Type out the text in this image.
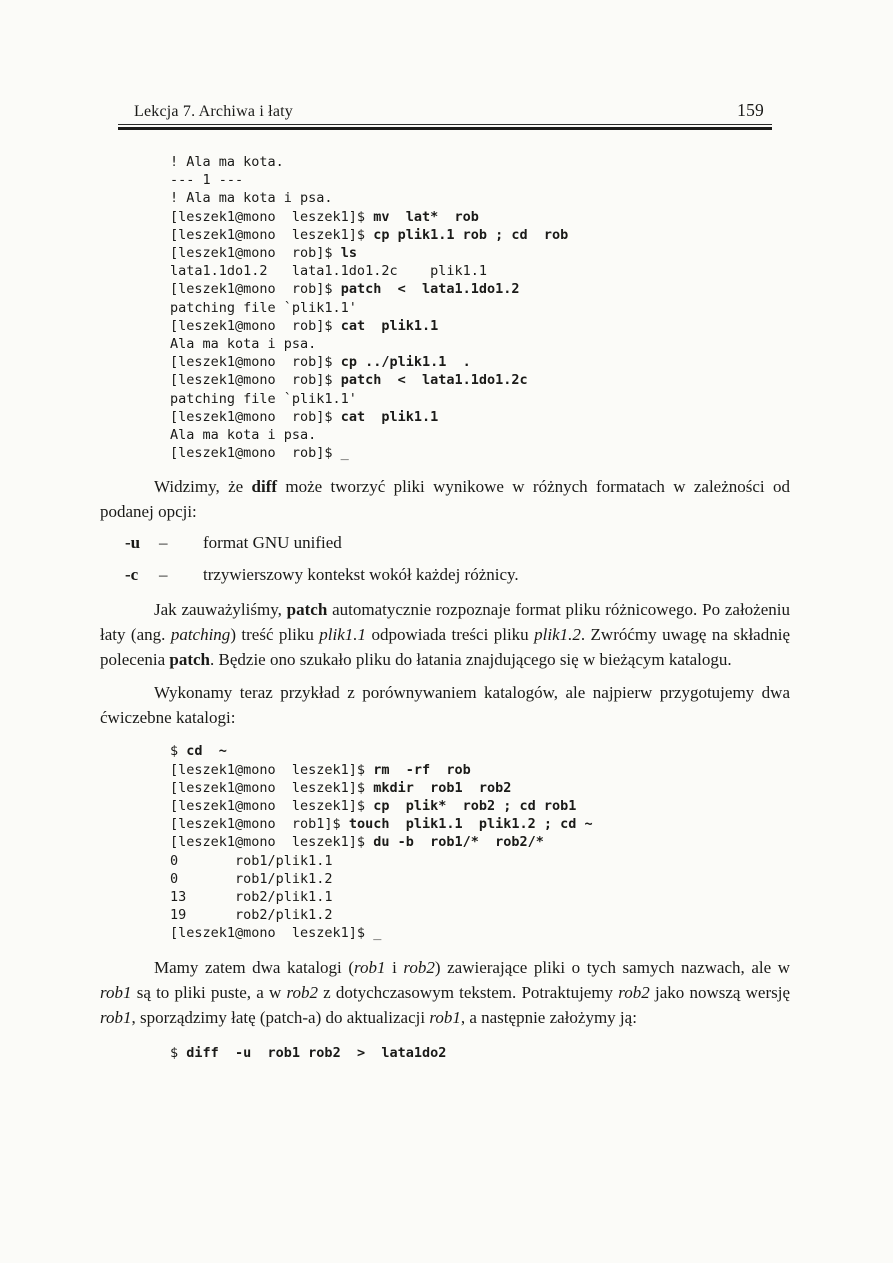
Lekcja 7. Archiwa i łaty	159
! Ala ma kota.
--- 1 ---
! Ala ma kota i psa.
[leszek1@mono  leszek1]$ mv  lat*  rob
[leszek1@mono  leszek1]$ cp plik1.1 rob ; cd  rob
[leszek1@mono  rob]$ ls
lata1.1do1.2   lata1.1do1.2c    plik1.1
[leszek1@mono  rob]$ patch  <  lata1.1do1.2
patching file `plik1.1'
[leszek1@mono  rob]$ cat  plik1.1
Ala ma kota i psa.
[leszek1@mono  rob]$ cp ../plik1.1  .
[leszek1@mono  rob]$ patch  <  lata1.1do1.2c
patching file `plik1.1'
[leszek1@mono  rob]$ cat  plik1.1
Ala ma kota i psa.
[leszek1@mono  rob]$ _

Widzimy, że diff może tworzyć pliki wynikowe w różnych formatach w zależności od podanej opcji:

-u	–	format GNU unified
-c	–	trzywierszowy kontekst wokół każdej różnicy.

Jak zauważyliśmy, patch automatycznie rozpoznaje format pliku różnicowego. Po założeniu łaty (ang. patching) treść pliku plik1.1 odpowiada treści pliku plik1.2. Zwróćmy uwagę na składnię polecenia patch. Będzie ono szukało pliku do łatania znajdującego się w bieżącym katalogu.

Wykonamy teraz przykład z porównywaniem katalogów, ale najpierw przygotujemy dwa ćwiczebne katalogi:

$ cd  ~
[leszek1@mono  leszek1]$ rm  -rf  rob
[leszek1@mono  leszek1]$ mkdir  rob1  rob2
[leszek1@mono  leszek1]$ cp  plik*  rob2 ; cd rob1
[leszek1@mono  rob1]$ touch  plik1.1  plik1.2 ; cd ~
[leszek1@mono  leszek1]$ du -b  rob1/*  rob2/*
0       rob1/plik1.1
0       rob1/plik1.2
13      rob2/plik1.1
19      rob2/plik1.2
[leszek1@mono  leszek1]$ _

Mamy zatem dwa katalogi (rob1 i rob2) zawierające pliki o tych samych nazwach, ale w rob1 są to pliki puste, a w rob2 z dotychczasowym tekstem. Potraktujemy rob2 jako nowszą wersję rob1, sporządzimy łatę (patch-a) do aktualizacji rob1, a następnie założymy ją:

$ diff  -u  rob1 rob2  >  lata1do2
